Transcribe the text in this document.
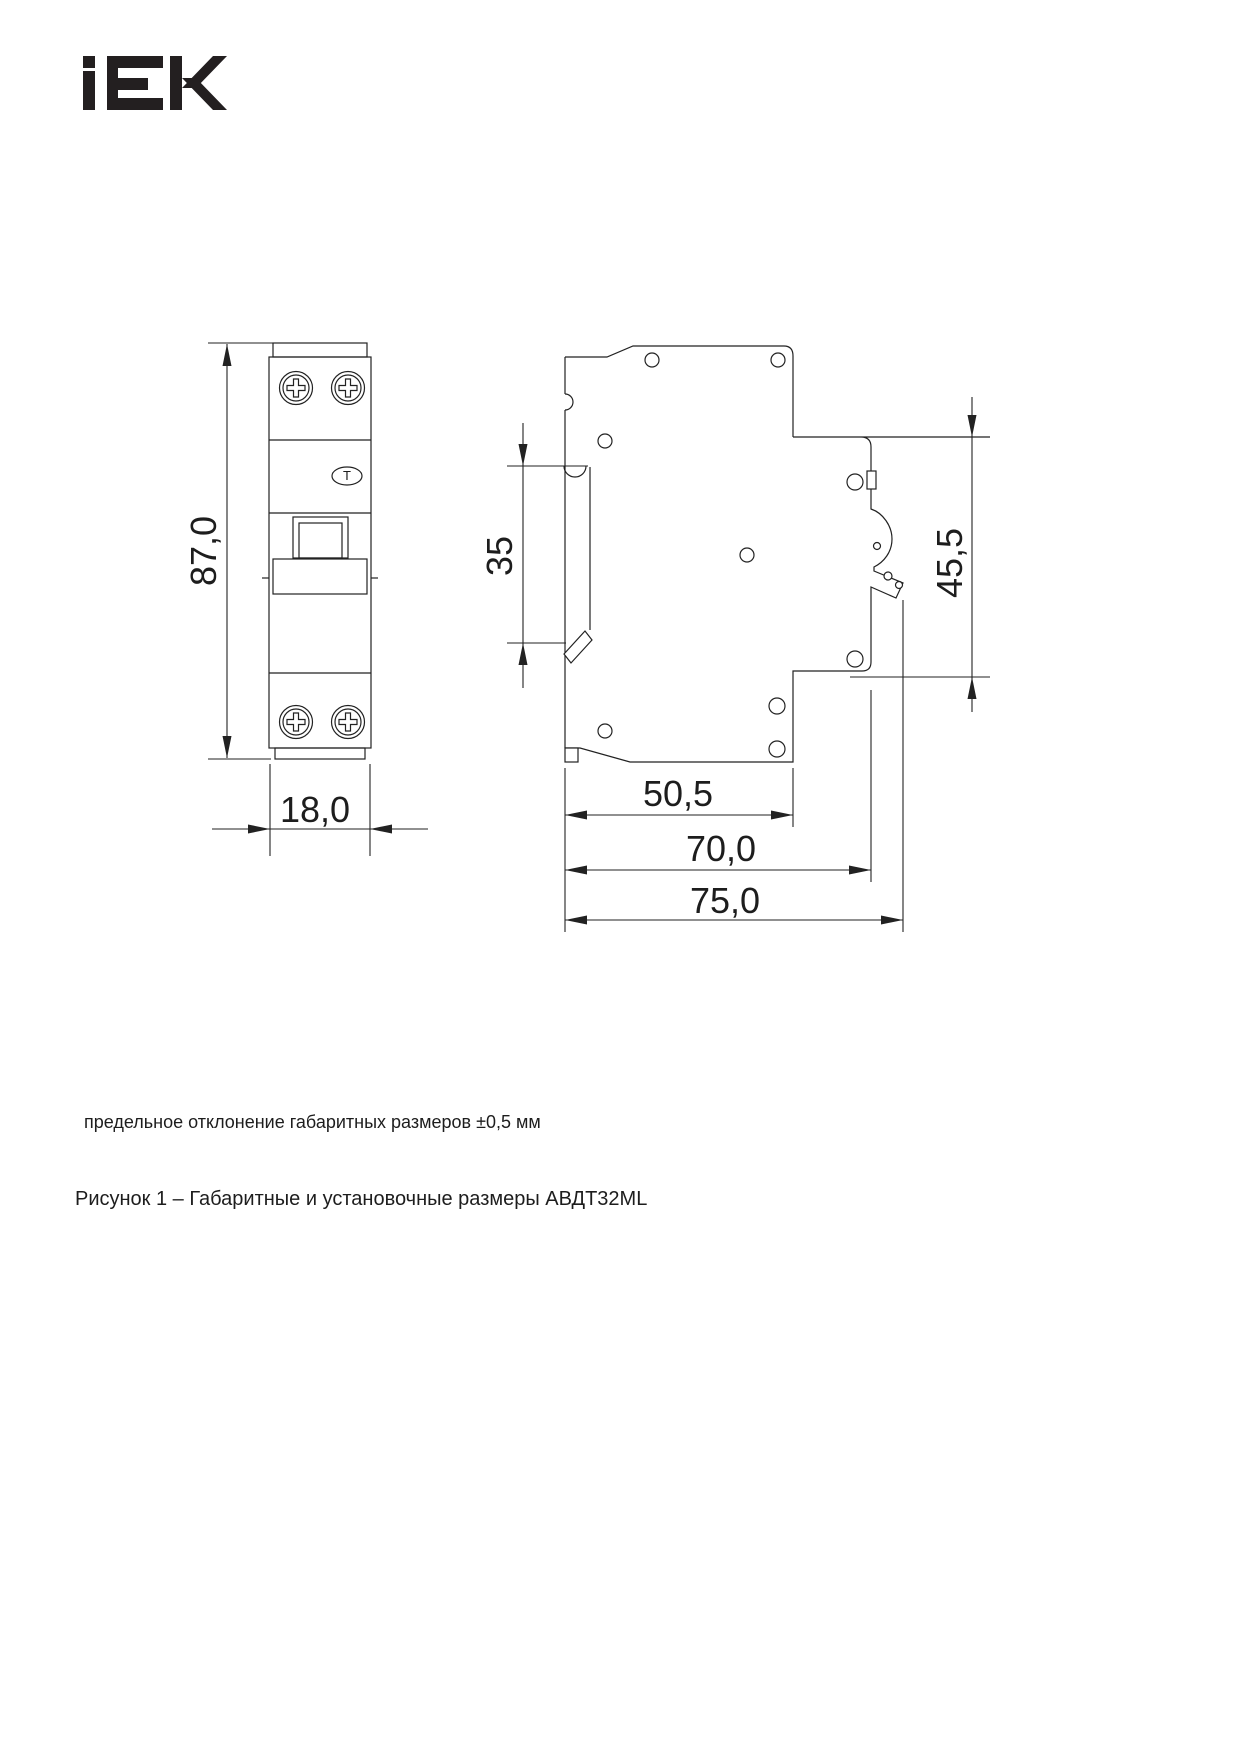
Т
87,0
18,0
35	45,5
50,5
70,0
75,0
предельное отклонение габаритных размеров ±0,5 мм
Рисунок 1 – Габаритные и установочные размеры АВДТ32ML
